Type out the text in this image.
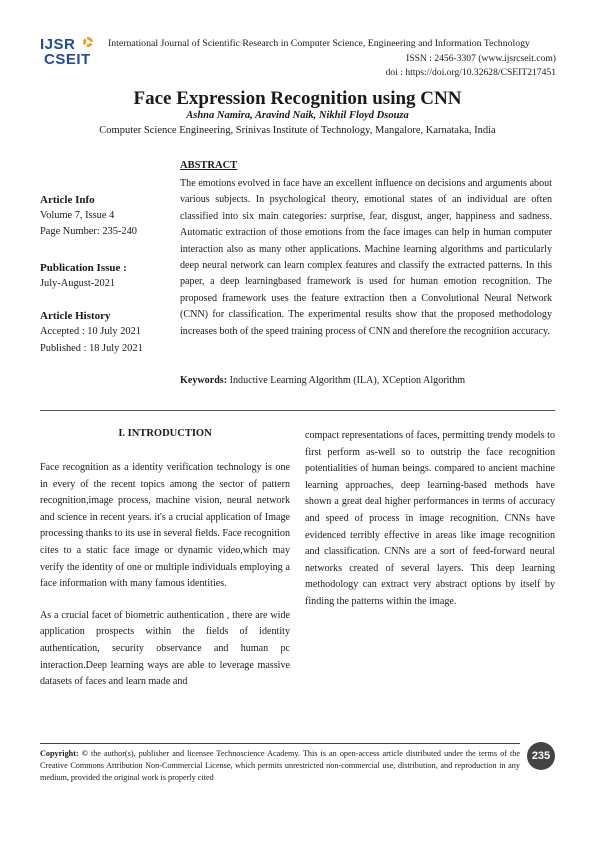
IJSR
CSEIT
International Journal of Scientific Research in Computer Science, Engineering and Information Technology
ISSN : 2456-3307 (www.ijsrcseit.com)
doi : https://doi.org/10.32628/CSEIT217451
Face Expression Recognition using CNN
Ashna Namira, Aravind Naik, Nikhil Floyd Dsouza
Computer Science Engineering, Srinivas Institute of Technology, Mangalore, Karnataka, India
Article Info
Volume 7, Issue 4
Page Number: 235-240
Publication Issue :
July-August-2021
Article History
Accepted : 10 July 2021
Published : 18 July 2021
ABSTRACT
The emotions evolved in face have an excellent influence on decisions and arguments about various subjects. In psychological theory, emotional states of an individual are often classified into six main categories: surprise, fear, disgust, anger, happiness and sadness. Automatic extraction of those emotions from the face images can help in human computer interaction also as many other applications. Machine learning algorithms and particularly deep neural network can learn complex features and classify the extracted patterns. In this paper, a deep learningbased framework is used for human emotion recognition. The proposed framework uses the feature extraction then a Convolutional Neural Network (CNN) for classification. The experimental results show that the proposed methodology increases both of the speed training process of CNN and therefore the recognition accuracy.
Keywords: Inductive Learning Algorithm (ILA), XCeption Algorithm
I. INTRODUCTION

Face recognition as a identity verification technology is one in every of the recent topics among the sector of pattern recognition,image process, machine vision, neural network and science in recent years. it's a crucial application of Image processing thanks to its use in several fields. Face recognition cites to a static face image or dynamic video,which may verify the identity of one or multiple individuals employing a face information with many famous identities.

As a crucial facet of biometric authentication , there are wide application prospects within the fields of identity authentication, security observance and human pc interaction.Deep learning ways are able to leverage massive datasets of faces and learn made and

compact representations of faces, permitting trendy models to first perform as-well so to outstrip the face recognition potentialities of human beings. compared to ancient machine learning approaches, deep learning-based methods have shown a great deal higher performances in terms of accuracy and speed of process in image recognition. CNNs have evidenced terribly effective in areas like image recognition and classification. CNNs are a sort of feed-forward neural networks created of several layers. This deep learning methodology can extract very abstract options by itself by finding the patterns within the image.

Copyright: © the author(s), publisher and licensee Technoscience Academy. This is an open-access article distributed under the terms of the Creative Commons Attribution Non-Commercial License, which permits unrestricted non-commercial use, distribution, and reproduction in any medium, provided the original work is properly cited
235
